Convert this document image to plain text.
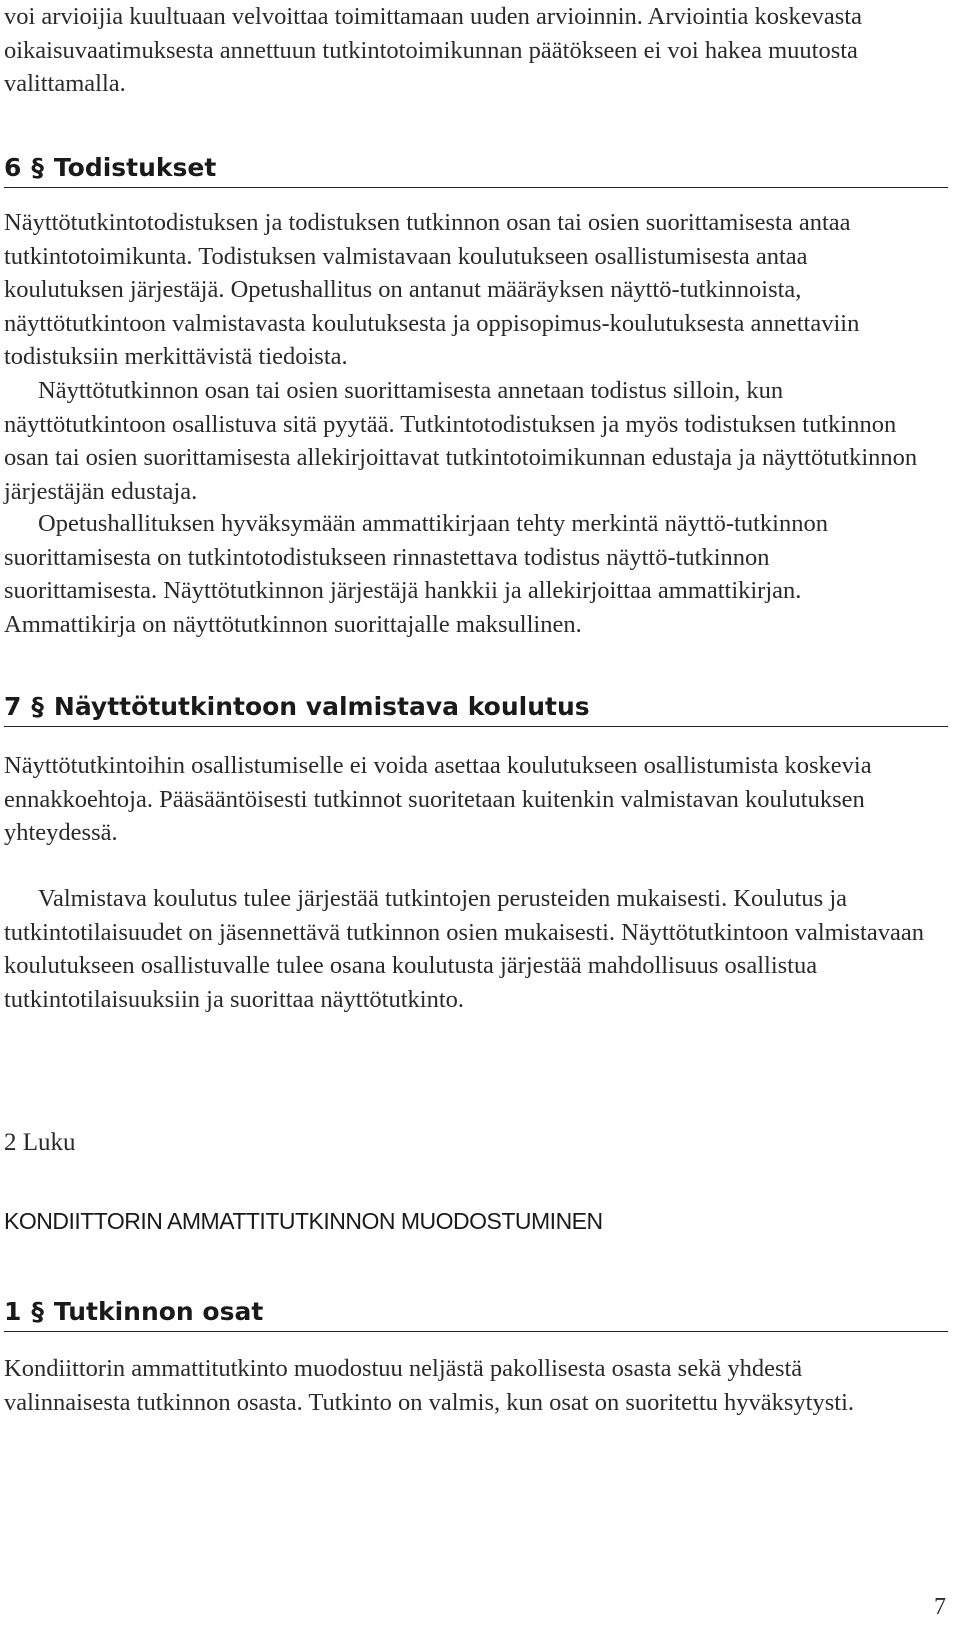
voi arvioijia kuultuaan velvoittaa toimittamaan uuden arvioinnin. Arviointia koskevasta oikaisuvaatimuksesta annettuun tutkintotoimikunnan päätökseen ei voi hakea muutosta valittamalla.

6 § Todistukset

Näyttötutkintotodistuksen ja todistuksen tutkinnon osan tai osien suorittamisesta antaa tutkintotoimikunta. Todistuksen valmistavaan koulutukseen osallistumisesta antaa koulutuksen järjestäjä. Opetushallitus on antanut määräyksen näyttö-tutkinnoista, näyttötutkintoon valmistavasta koulutuksesta ja oppisopimus-koulutuksesta annettaviin todistuksiin merkittävistä tiedoista.

Näyttötutkinnon osan tai osien suorittamisesta annetaan todistus silloin, kun näyttötutkintoon osallistuva sitä pyytää. Tutkintotodistuksen ja myös todistuksen tutkinnon osan tai osien suorittamisesta allekirjoittavat tutkintotoimikunnan edustaja ja näyttötutkinnon järjestäjän edustaja.

Opetushallituksen hyväksymään ammattikirjaan tehty merkintä näyttö-tutkinnon suorittamisesta on tutkintotodistukseen rinnastettava todistus näyttö-tutkinnon suorittamisesta. Näyttötutkinnon järjestäjä hankkii ja allekirjoittaa ammattikirjan. Ammattikirja on näyttötutkinnon suorittajalle maksullinen.

7 § Näyttötutkintoon valmistava koulutus

Näyttötutkintoihin osallistumiselle ei voida asettaa koulutukseen osallistumista koskevia ennakkoehtoja. Pääsääntöisesti tutkinnot suoritetaan kuitenkin valmistavan koulutuksen yhteydessä.

Valmistava koulutus tulee järjestää tutkintojen perusteiden mukaisesti. Koulutus ja tutkintotilaisuudet on jäsennettävä tutkinnon osien mukaisesti. Näyttötutkintoon valmistavaan koulutukseen osallistuvalle tulee osana koulutusta järjestää mahdollisuus osallistua tutkintotilaisuuksiin ja suorittaa näyttötutkinto.

2 Luku
KONDIITTORIN AMMATTITUTKINNON MUODOSTUMINEN
1 § Tutkinnon osat

Kondiittorin ammattitutkinto muodostuu neljästä pakollisesta osasta sekä yhdestä valinnaisesta tutkinnon osasta. Tutkinto on valmis, kun osat on suoritettu hyväksytysti.

7
